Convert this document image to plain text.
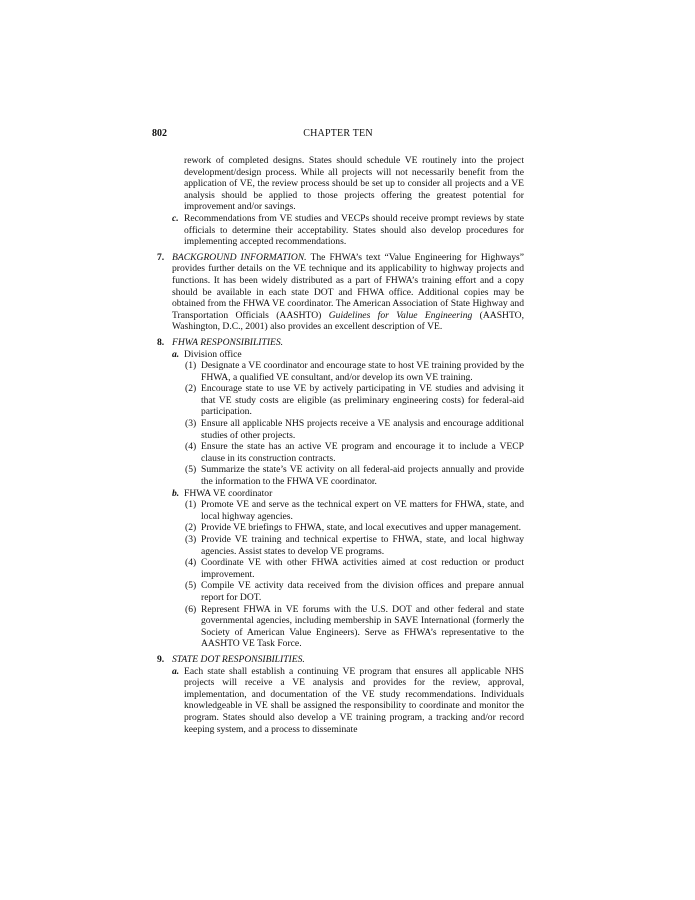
802	CHAPTER TEN

rework of completed designs. States should schedule VE routinely into the project development/design process. While all projects will not necessarily benefit from the application of VE, the review process should be set up to consider all projects and a VE analysis should be applied to those projects offering the greatest potential for improvement and/or savings.

c. Recommendations from VE studies and VECPs should receive prompt reviews by state officials to determine their acceptability. States should also develop procedures for implementing accepted recommendations.
7. BACKGROUND INFORMATION. The FHWA’s text “Value Engineering for Highways” provides further details on the VE technique and its applicability to highway projects and functions. It has been widely distributed as a part of FHWA’s training effort and a copy should be available in each state DOT and FHWA office. Additional copies may be obtained from the FHWA VE coordinator. The American Association of State Highway and Transportation Officials (AASHTO) Guidelines for Value Engineering (AASHTO, Washington, D.C., 2001) also provides an excellent description of VE.
8. FHWA RESPONSIBILITIES.
a. Division office
(1) Designate a VE coordinator and encourage state to host VE training provided by the FHWA, a qualified VE consultant, and/or develop its own VE training.
(2) Encourage state to use VE by actively participating in VE studies and advising it that VE study costs are eligible (as preliminary engineering costs) for federal-aid participation.
(3) Ensure all applicable NHS projects receive a VE analysis and encourage additional studies of other projects.
(4) Ensure the state has an active VE program and encourage it to include a VECP clause in its construction contracts.
(5) Summarize the state’s VE activity on all federal-aid projects annually and provide the information to the FHWA VE coordinator.
b. FHWA VE coordinator
(1) Promote VE and serve as the technical expert on VE matters for FHWA, state, and local highway agencies.
(2) Provide VE briefings to FHWA, state, and local executives and upper management.
(3) Provide VE training and technical expertise to FHWA, state, and local highway agencies. Assist states to develop VE programs.
(4) Coordinate VE with other FHWA activities aimed at cost reduction or product improvement.
(5) Compile VE activity data received from the division offices and prepare annual report for DOT.
(6) Represent FHWA in VE forums with the U.S. DOT and other federal and state governmental agencies, including membership in SAVE International (formerly the Society of American Value Engineers). Serve as FHWA’s representative to the AASHTO VE Task Force.
9. STATE DOT RESPONSIBILITIES.
a. Each state shall establish a continuing VE program that ensures all applicable NHS projects will receive a VE analysis and provides for the review, approval, implementation, and documentation of the VE study recommendations. Individuals knowledgeable in VE shall be assigned the responsibility to coordinate and monitor the program. States should also develop a VE training program, a tracking and/or record keeping system, and a process to disseminate
